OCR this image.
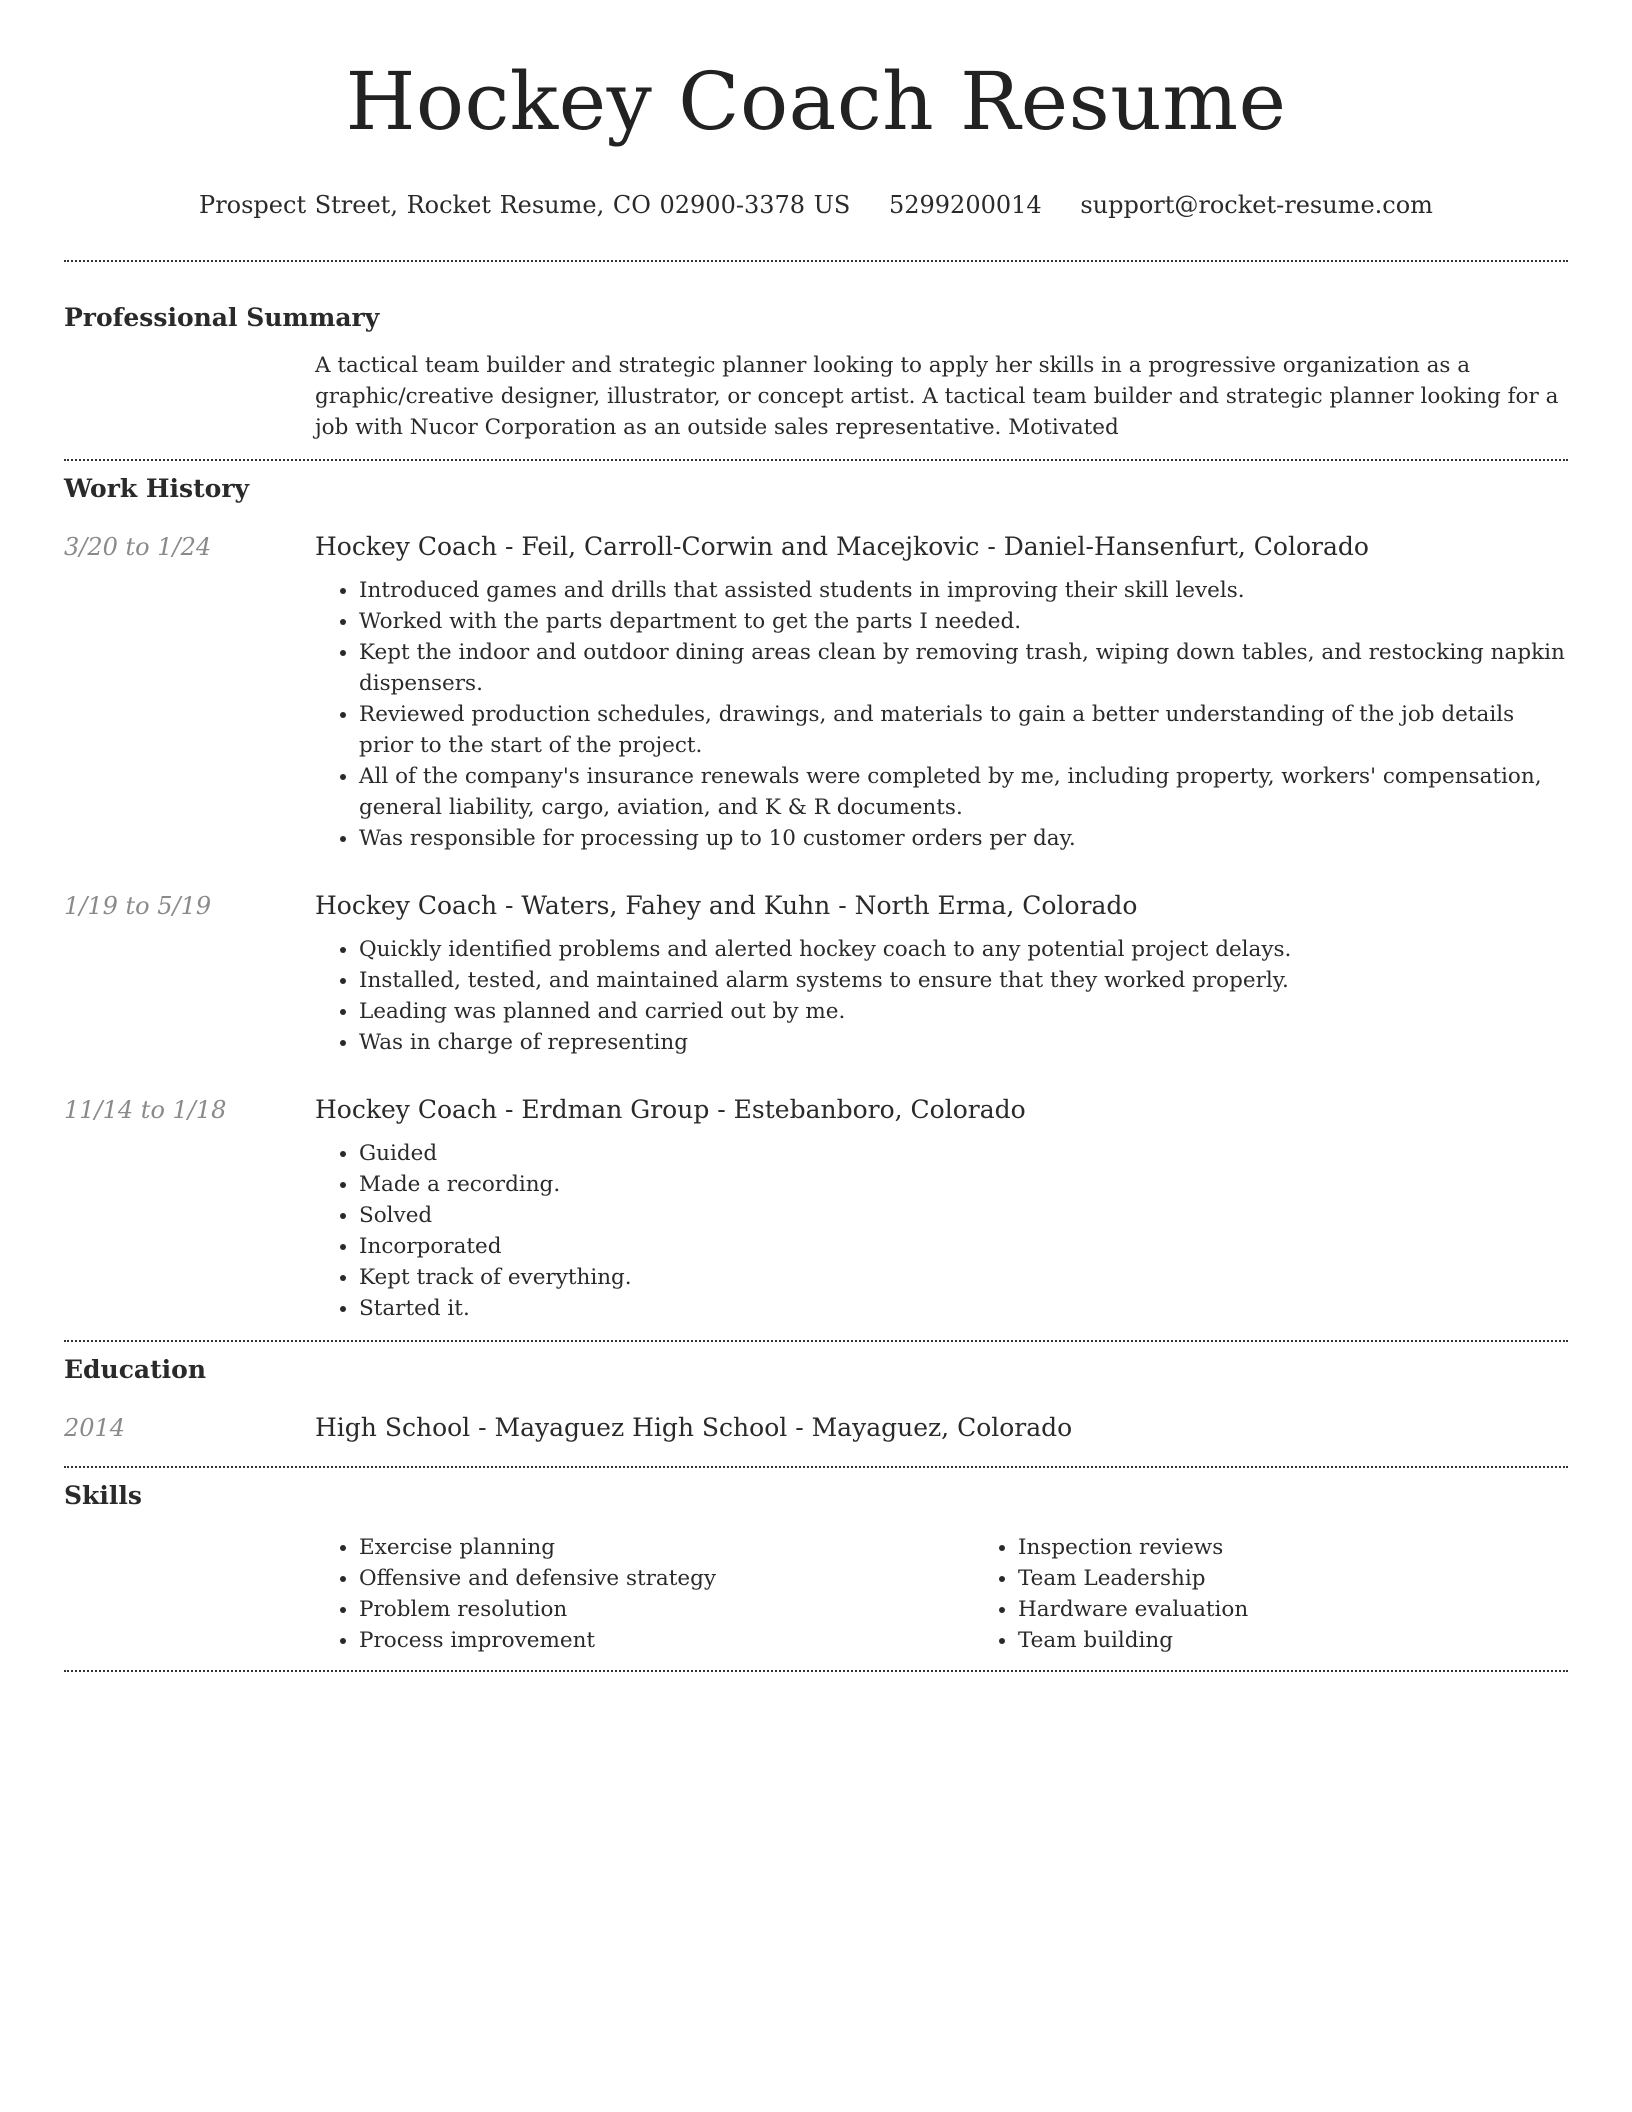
Hockey Coach Resume
Prospect Street, Rocket Resume, CO 02900-3378 US 5299200014 support@rocket-resume.com
Professional Summary

A tactical team builder and strategic planner looking to apply her skills in a progressive organization as a graphic/creative designer, illustrator, or concept artist. A tactical team builder and strategic planner looking for a job with Nucor Corporation as an outside sales representative. Motivated

Work History
3/20 to 1/24	Hockey Coach - Feil, Carroll-Corwin and Macejkovic - Daniel-Hansenfurt, Colorado
• Introduced games and drills that assisted students in improving their skill levels.
• Worked with the parts department to get the parts I needed.
• Kept the indoor and outdoor dining areas clean by removing trash, wiping down tables, and restocking napkin dispensers.
• Reviewed production schedules, drawings, and materials to gain a better understanding of the job details prior to the start of the project.
• All of the company's insurance renewals were completed by me, including property, workers' compensation, general liability, cargo, aviation, and K & R documents.
• Was responsible for processing up to 10 customer orders per day.
1/19 to 5/19	Hockey Coach - Waters, Fahey and Kuhn - North Erma, Colorado
• Quickly identified problems and alerted hockey coach to any potential project delays.
• Installed, tested, and maintained alarm systems to ensure that they worked properly.
• Leading was planned and carried out by me.
• Was in charge of representing
11/14 to 1/18	Hockey Coach - Erdman Group - Estebanboro, Colorado
• Guided
• Made a recording.
• Solved
• Incorporated
• Kept track of everything.
• Started it.
Education
2014	High School - Mayaguez High School - Mayaguez, Colorado
Skills
• Exercise planning
• Offensive and defensive strategy
• Problem resolution
• Process improvement
• Inspection reviews
• Team Leadership
• Hardware evaluation
• Team building
